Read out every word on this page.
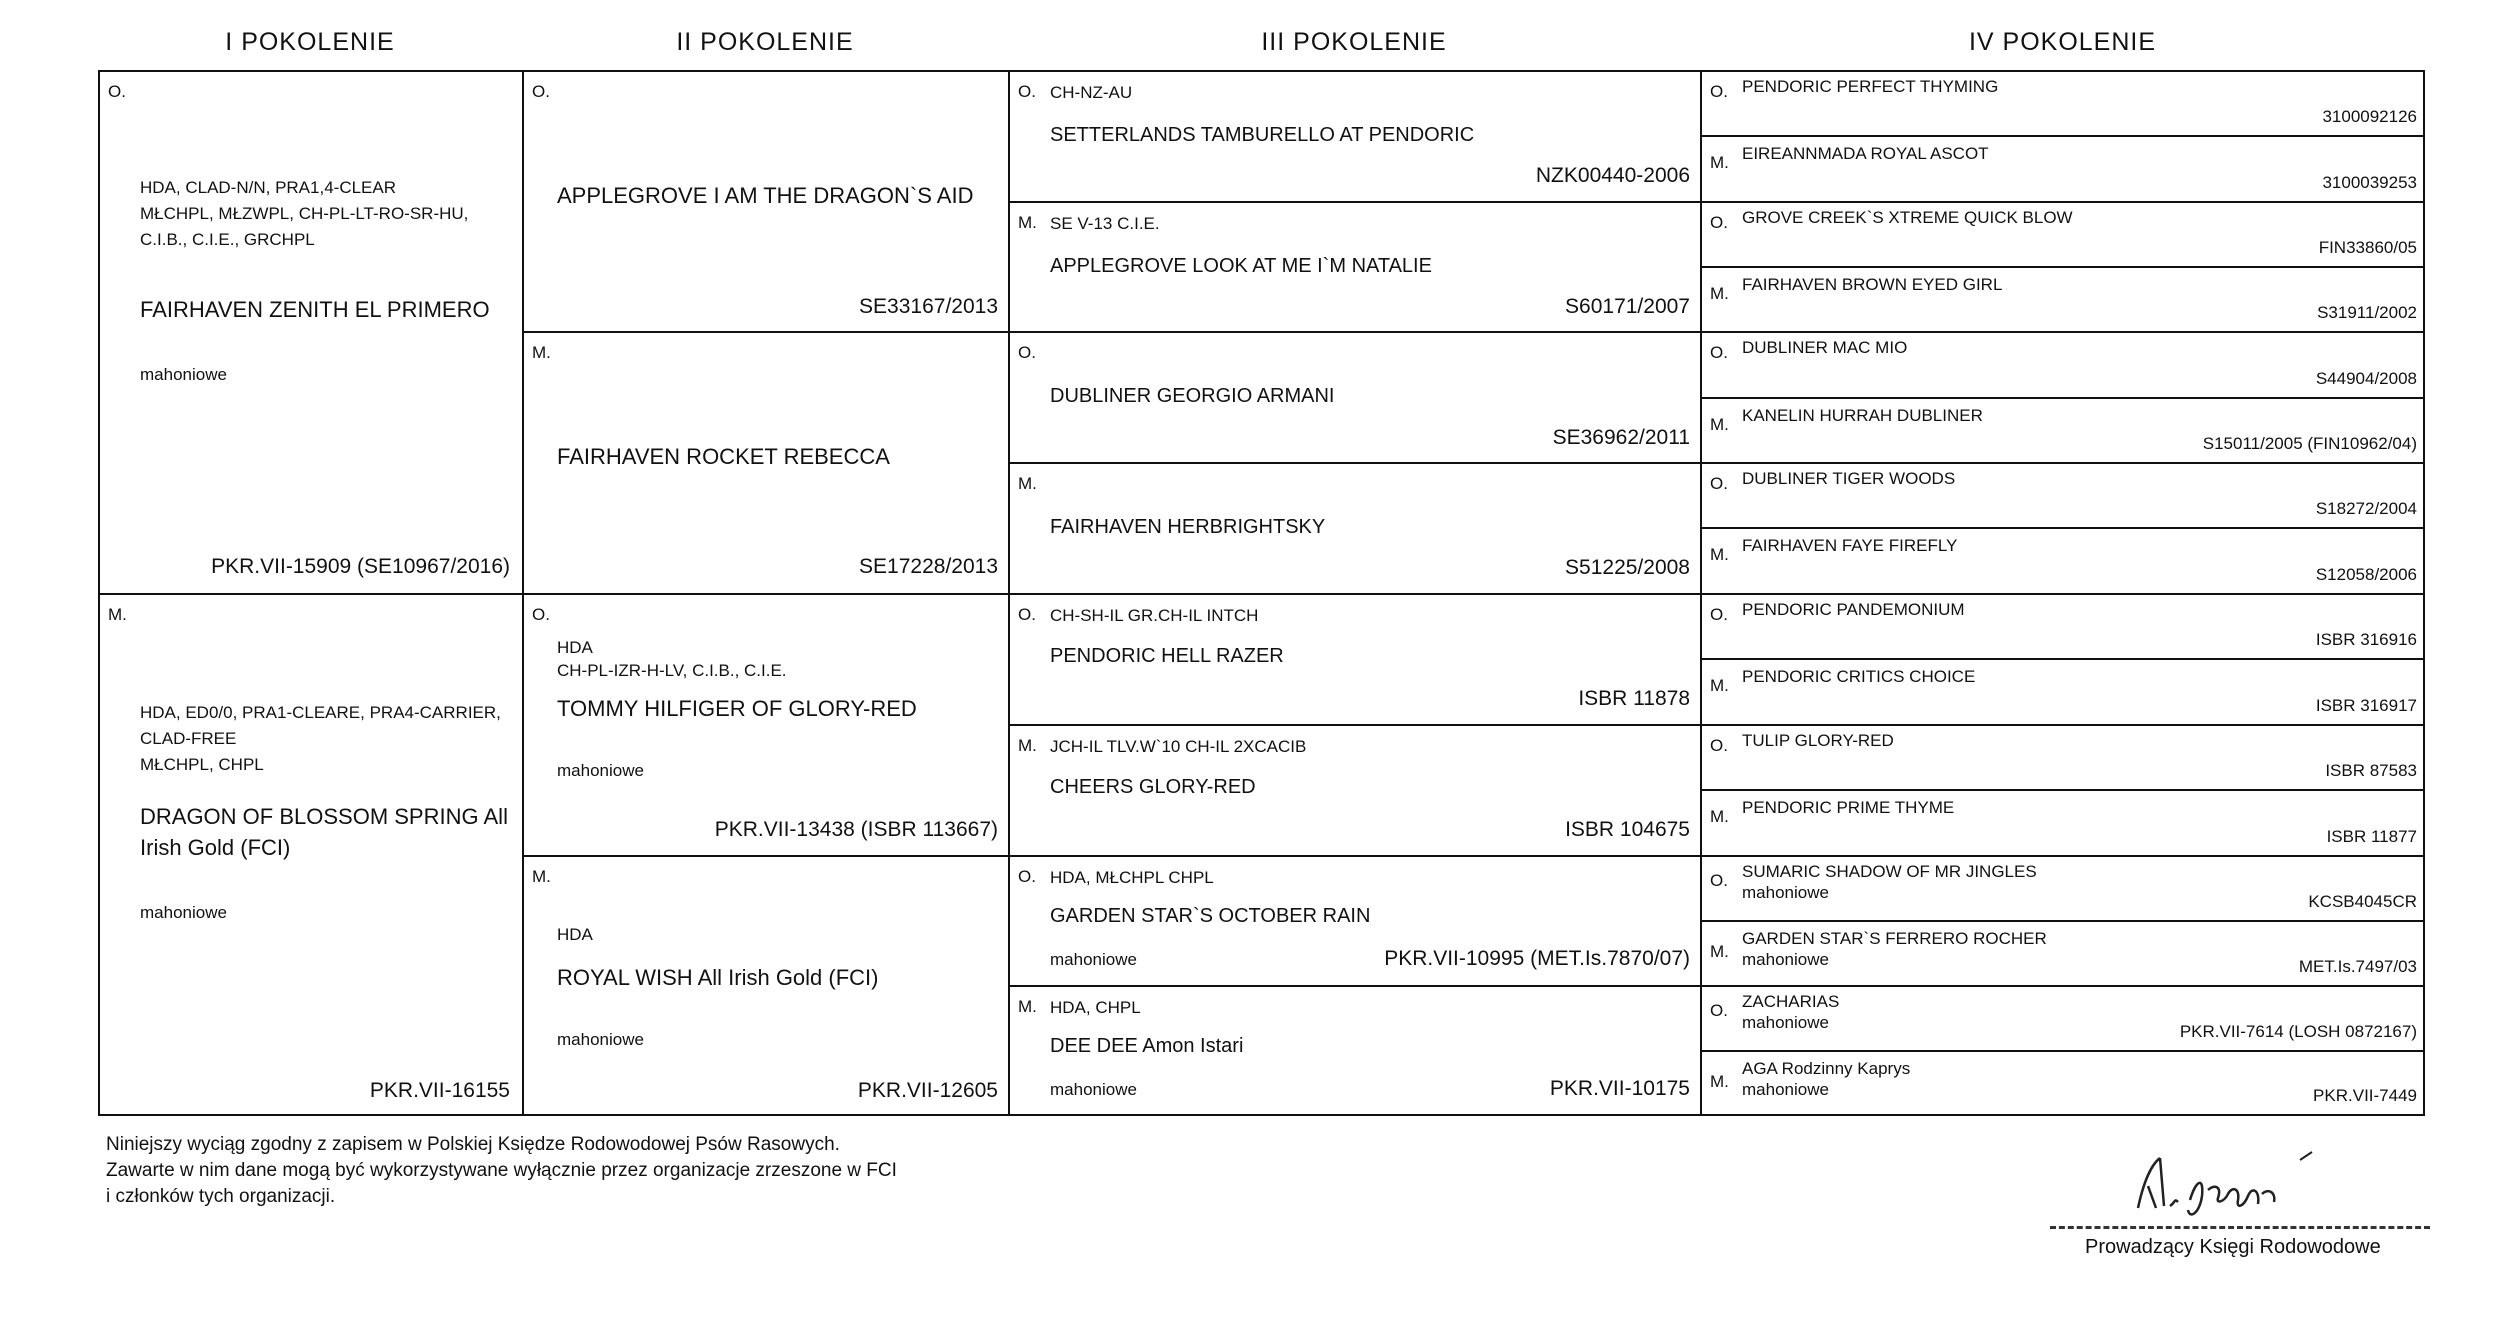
I POKOLENIE	II POKOLENIE	III POKOLENIE	IV POKOLENIE
O.
HDA, CLAD-N/N, PRA1,4-CLEAR
MŁCHPL, MŁZWPL, CH-PL-LT-RO-SR-HU,
C.I.B., C.I.E., GRCHPL
FAIRHAVEN ZENITH EL PRIMERO
mahoniowe
PKR.VII-15909 (SE10967/2016)
M.
HDA, ED0/0, PRA1-CLEARE, PRA4-CARRIER,
CLAD-FREE
MŁCHPL, CHPL
DRAGON OF BLOSSOM SPRING All
Irish Gold (FCI)
mahoniowe
PKR.VII-16155
O.
APPLEGROVE I AM THE DRAGON`S AID
SE33167/2013
M.
FAIRHAVEN ROCKET REBECCA
SE17228/2013
O.
HDA
CH-PL-IZR-H-LV, C.I.B., C.I.E.
TOMMY HILFIGER OF GLORY-RED
mahoniowe
PKR.VII-13438 (ISBR 113667)
M.
HDA
ROYAL WISH All Irish Gold (FCI)
mahoniowe
PKR.VII-12605
O. CH-NZ-AU
SETTERLANDS TAMBURELLO AT PENDORIC
NZK00440-2006
M. SE V-13 C.I.E.
APPLEGROVE LOOK AT ME I`M NATALIE
S60171/2007
O.
DUBLINER GEORGIO ARMANI
SE36962/2011
M.
FAIRHAVEN HERBRIGHTSKY
S51225/2008
O. CH-SH-IL GR.CH-IL INTCH
PENDORIC HELL RAZER
ISBR 11878
M. JCH-IL TLV.W`10 CH-IL 2XCACIB
CHEERS GLORY-RED
ISBR 104675
O. HDA, MŁCHPL CHPL
GARDEN STAR`S OCTOBER RAIN
mahoniowe	PKR.VII-10995 (MET.Is.7870/07)
M. HDA, CHPL
DEE DEE Amon Istari
mahoniowe	PKR.VII-10175
O. PENDORIC PERFECT THYMING
3100092126
M. EIREANNMADA ROYAL ASCOT
3100039253
O. GROVE CREEK`S XTREME QUICK BLOW
FIN33860/05
M. FAIRHAVEN BROWN EYED GIRL
S31911/2002
O. DUBLINER MAC MIO
S44904/2008
M. KANELIN HURRAH DUBLINER
S15011/2005 (FIN10962/04)
O. DUBLINER TIGER WOODS
S18272/2004
M. FAIRHAVEN FAYE FIREFLY
S12058/2006
O. PENDORIC PANDEMONIUM
ISBR 316916
M. PENDORIC CRITICS CHOICE
ISBR 316917
O. TULIP GLORY-RED
ISBR 87583
M. PENDORIC PRIME THYME
ISBR 11877
O. SUMARIC SHADOW OF MR JINGLES
mahoniowe	KCSB4045CR
M.
GARDEN STAR`S FERRERO ROCHER
mahoniowe	MET.Is.7497/03
O. ZACHARIAS
mahoniowe	PKR.VII-7614 (LOSH 0872167)
M.
AGA Rodzinny Kaprys
mahoniowe	PKR.VII-7449
Niniejszy wyciąg zgodny z zapisem w Polskiej Księdze Rodowodowej Psów Rasowych.
Zawarte w nim dane mogą być wykorzystywane wyłącznie przez organizacje zrzeszone w FCI
i członków tych organizacji.
Prowadzący Księgi Rodowodowe
